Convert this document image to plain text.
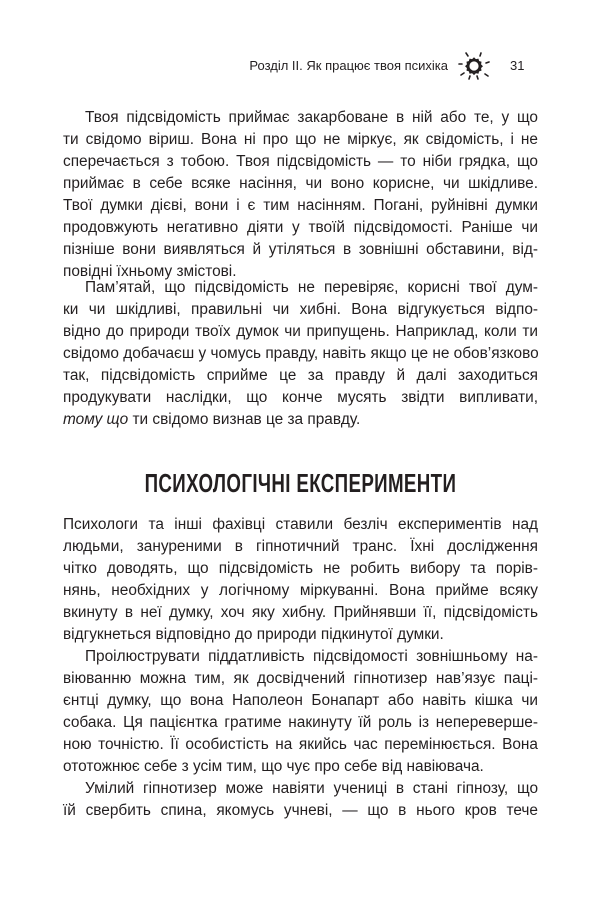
Розділ ІІ. Як працює твоя психіка	31
Твоя підсвідомість приймає закарбоване в ній або те, у що
ти свідомо віриш. Вона ні про що не міркує, як свідомість, і не
сперечається з тобою. Твоя підсвідомість — то ніби грядка, що
приймає в себе всяке насіння, чи воно корисне, чи шкідливе.
Твої думки дієві, вони і є тим насінням. Погані, руйнівні думки
продовжують негативно діяти у твоїй підсвідомості. Раніше чи
пізніше вони виявляться й утіляться в зовнішні обставини, від-
повідні їхньому змістові.
Пам’ятай, що підсвідомість не перевіряє, корисні твої дум-
ки чи шкідливі, правильні чи хибні. Вона відгукується відпо-
відно до природи твоїх думок чи припущень. Наприклад, коли ти
свідомо добачаєш у чомусь правду, навіть якщо це не обов’язково
так, підсвідомість сприйме це за правду й далі заходиться
продукувати наслідки, що конче мусять звідти випливати,
тому що ти свідомо визнав це за правду.
ПСИХОЛОГІЧНІ ЕКСПЕРИМЕНТИ
Психологи та інші фахівці ставили безліч експериментів над
людьми, зануреними в гіпнотичний транс. Їхні дослідження
чітко доводять, що підсвідомість не робить вибору та порів-
нянь, необхідних у логічному міркуванні. Вона прийме всяку
вкинуту в неї думку, хоч яку хибну. Прийнявши її, підсвідомість
відгукнеться відповідно до природи підкинутої думки.
Проілюструвати піддатливість підсвідомості зовнішньому на-
віюванню можна тим, як досвідчений гіпнотизер нав’язує паці-
єнтці думку, що вона Наполеон Бонапарт або навіть кішка чи
собака. Ця пацієнтка гратиме накинуту їй роль із неперевершe-
ною точністю. Її особистість на якийсь час перемінюється. Вона
ототожнює себе з усім тим, що чує про себе від навіювача.
Умілий гіпнотизер може навіяти учениці в стані гіпнозу, що
їй свербить спина, якомусь учневі, — що в нього кров тече
